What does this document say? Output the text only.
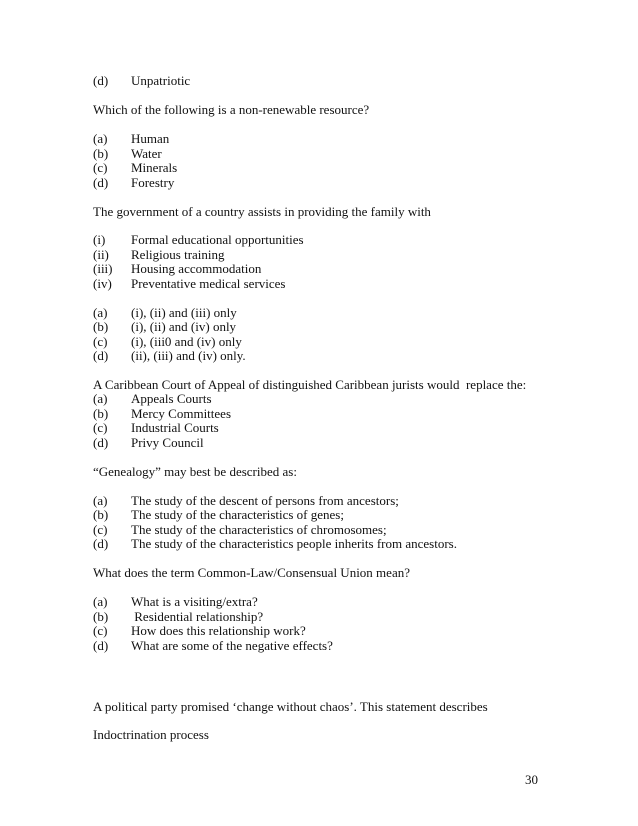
(d)

Unpatriotic

Which of the following is a non-renewable resource?

(a)

Human

(b)

Water

(c)

Minerals

(d)

Forestry

The government of a country assists in providing the family with

(i)

Formal educational opportunities

(ii)

Religious training

(iii)

Housing accommodation

(iv)

Preventative medical services

(a)

(i), (ii) and (iii) only

(b)

(i), (ii) and (iv) only

(c)

(i), (iii0 and (iv) only

(d)

(ii), (iii) and (iv) only.

A Caribbean Court of Appeal of distinguished Caribbean jurists would  replace the:

(a)

Appeals Courts

(b)

Mercy Committees

(c)

Industrial Courts

(d)

Privy Council

“Genealogy” may best be described as:

(a)

The study of the descent of persons from ancestors;

(b)

The study of the characteristics of genes;

(c)

The study of the characteristics of chromosomes;

(d)

The study of the characteristics people inherits from ancestors.

What does the term Common-Law/Consensual Union mean?

(a)

What is a visiting/extra?

(b)

Residential relationship?

(c)

How does this relationship work?

(d)

What are some of the negative effects?

A political party promised ‘change without chaos’. This statement describes
Indoctrination process
30
